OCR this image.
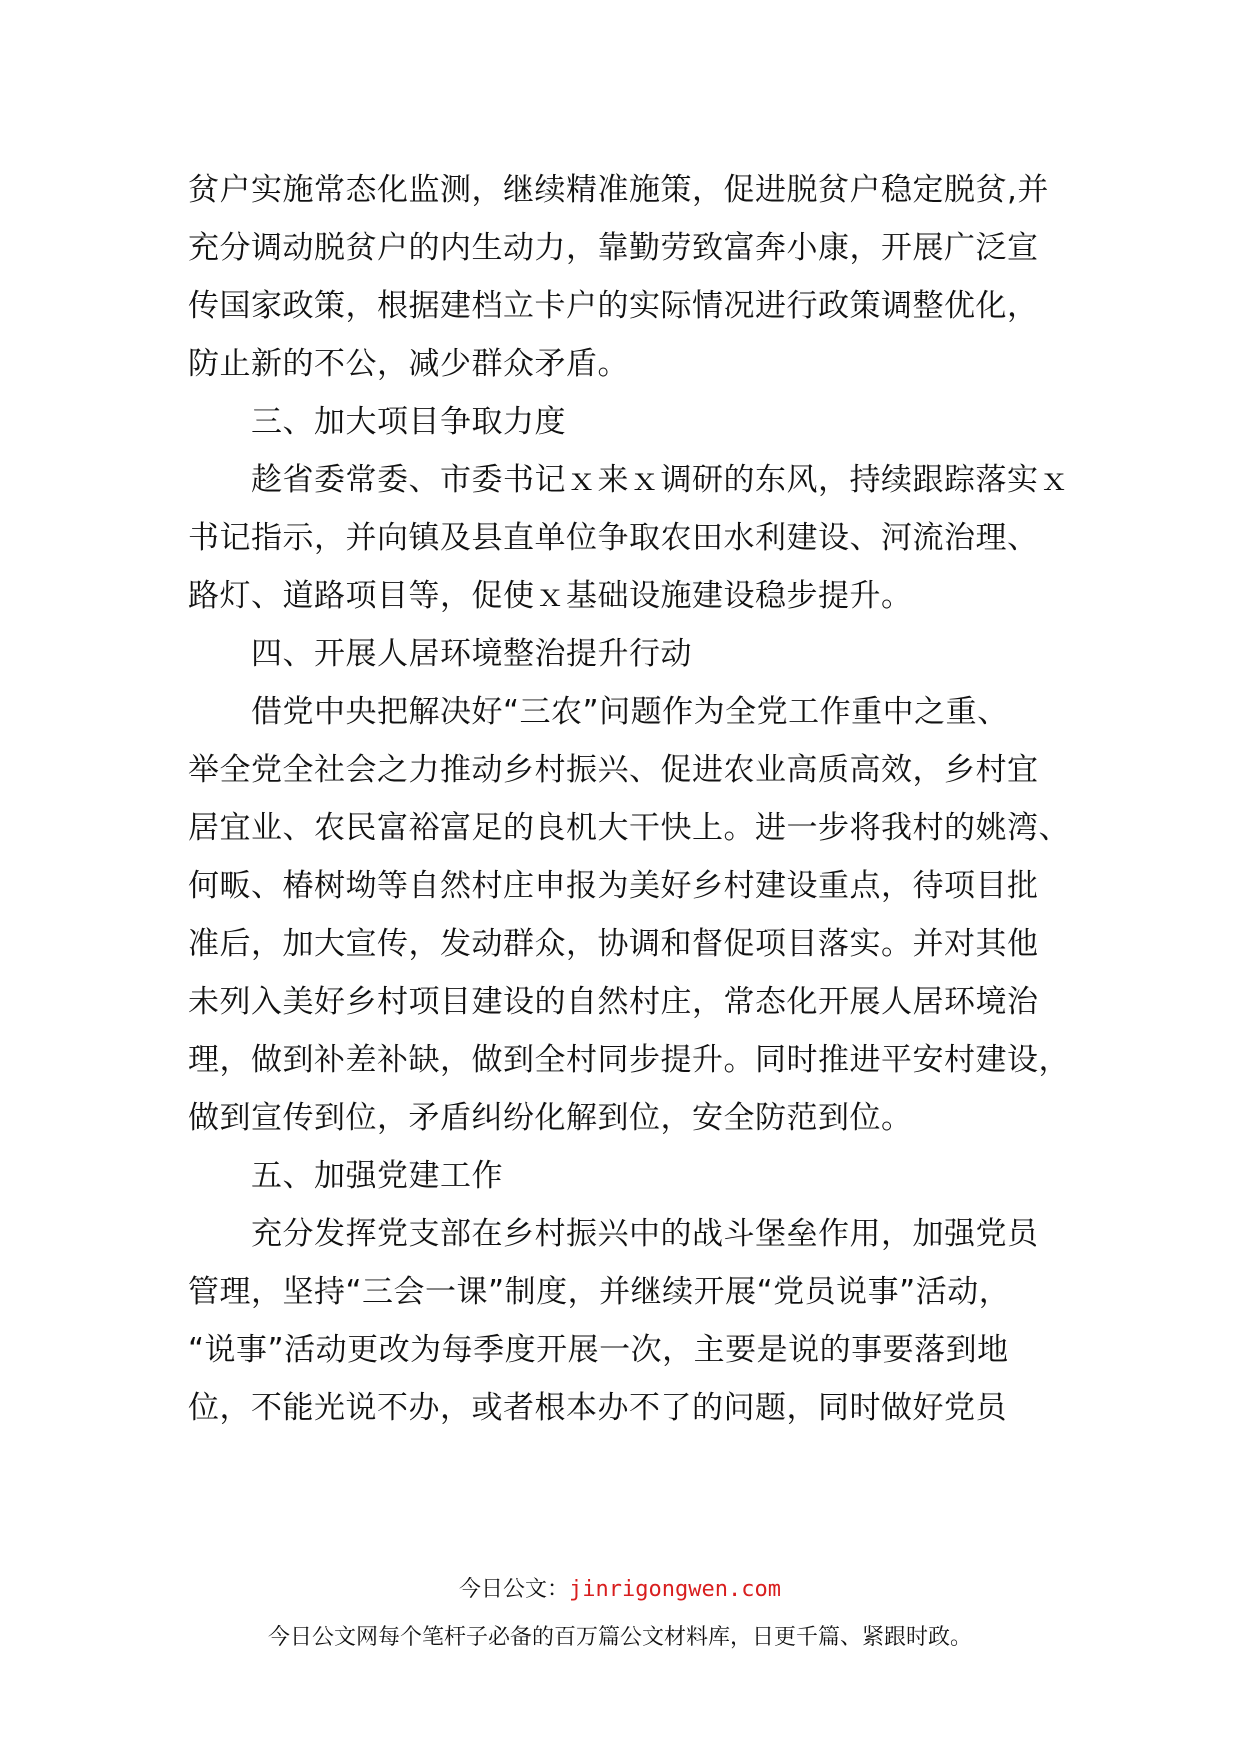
贫户实施常态化监测，继续精准施策，促进脱贫户稳定脱贫,并
充分调动脱贫户的内生动力，靠勤劳致富奔小康，开展广泛宣
传国家政策，根据建档立卡户的实际情况进行政策调整优化，
防止新的不公，减少群众矛盾。
三、加大项目争取力度
趁省委常委、市委书记ｘ来ｘ调研的东风，持续跟踪落实ｘ
书记指示，并向镇及县直单位争取农田水利建设、河流治理、
路灯、道路项目等，促使ｘ基础设施建设稳步提升。
四、开展人居环境整治提升行动
借党中央把解决好“三农”问题作为全党工作重中之重、
举全党全社会之力推动乡村振兴、促进农业高质高效，乡村宜
居宜业、农民富裕富足的良机大干快上。进一步将我村的姚湾、
何畈、椿树坳等自然村庄申报为美好乡村建设重点，待项目批
准后，加大宣传，发动群众，协调和督促项目落实。并对其他
未列入美好乡村项目建设的自然村庄，常态化开展人居环境治
理，做到补差补缺，做到全村同步提升。同时推进平安村建设，
做到宣传到位，矛盾纠纷化解到位，安全防范到位。
五、加强党建工作
充分发挥党支部在乡村振兴中的战斗堡垒作用，加强党员
管理，坚持“三会一课”制度，并继续开展“党员说事”活动，
“说事”活动更改为每季度开展一次，主要是说的事要落到地
位，不能光说不办，或者根本办不了的问题，同时做好党员
今日公文：jinrigongwen.com
今日公文网每个笔杆子必备的百万篇公文材料库，日更千篇、紧跟时政。
